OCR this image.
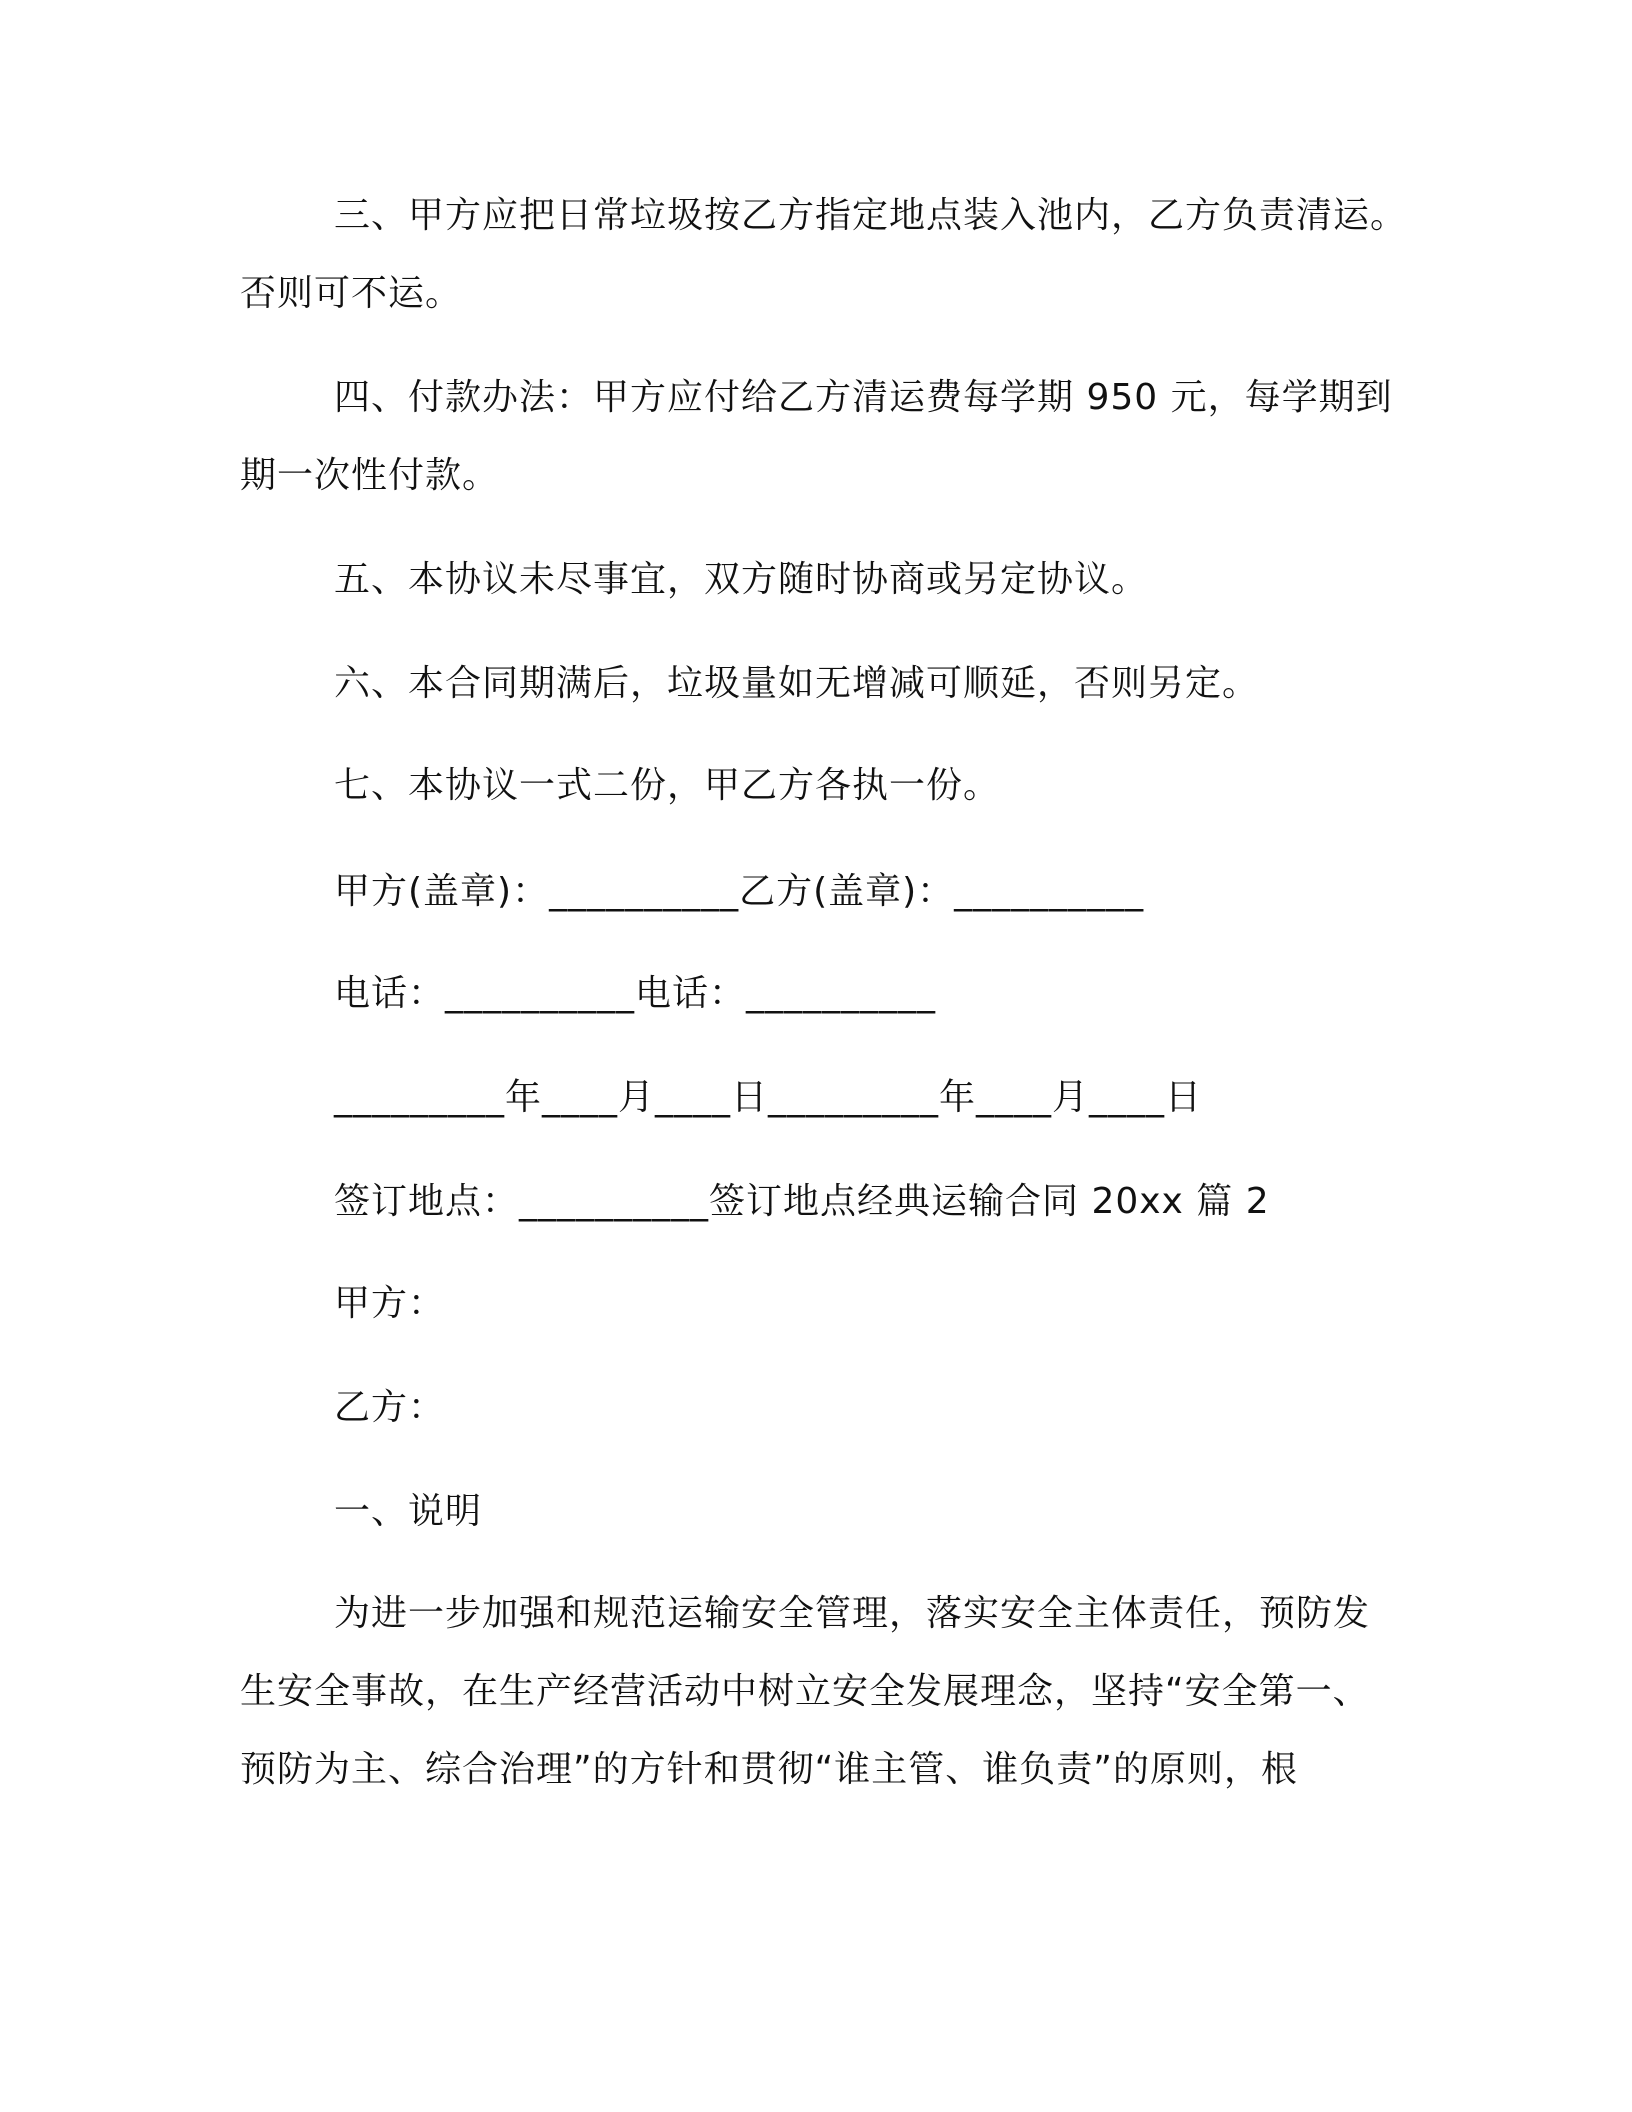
三、甲方应把日常垃圾按乙方指定地点装入池内，乙方负责清运。
否则可不运。
四、付款办法：甲方应付给乙方清运费每学期 950 元，每学期到
期一次性付款。
五、本协议未尽事宜，双方随时协商或另定协议。
六、本合同期满后，垃圾量如无增减可顺延，否则另定。
七、本协议一式二份，甲乙方各执一份。
甲方(盖章)：__________乙方(盖章)：__________
电话：__________电话：__________
_________年____月____日_________年____月____日
签订地点：__________签订地点经典运输合同 20xx 篇 2
甲方：
乙方：
一、说明
为进一步加强和规范运输安全管理，落实安全主体责任，预防发
生安全事故，在生产经营活动中树立安全发展理念，坚持“安全第一、
预防为主、综合治理”的方针和贯彻“谁主管、谁负责”的原则，根
